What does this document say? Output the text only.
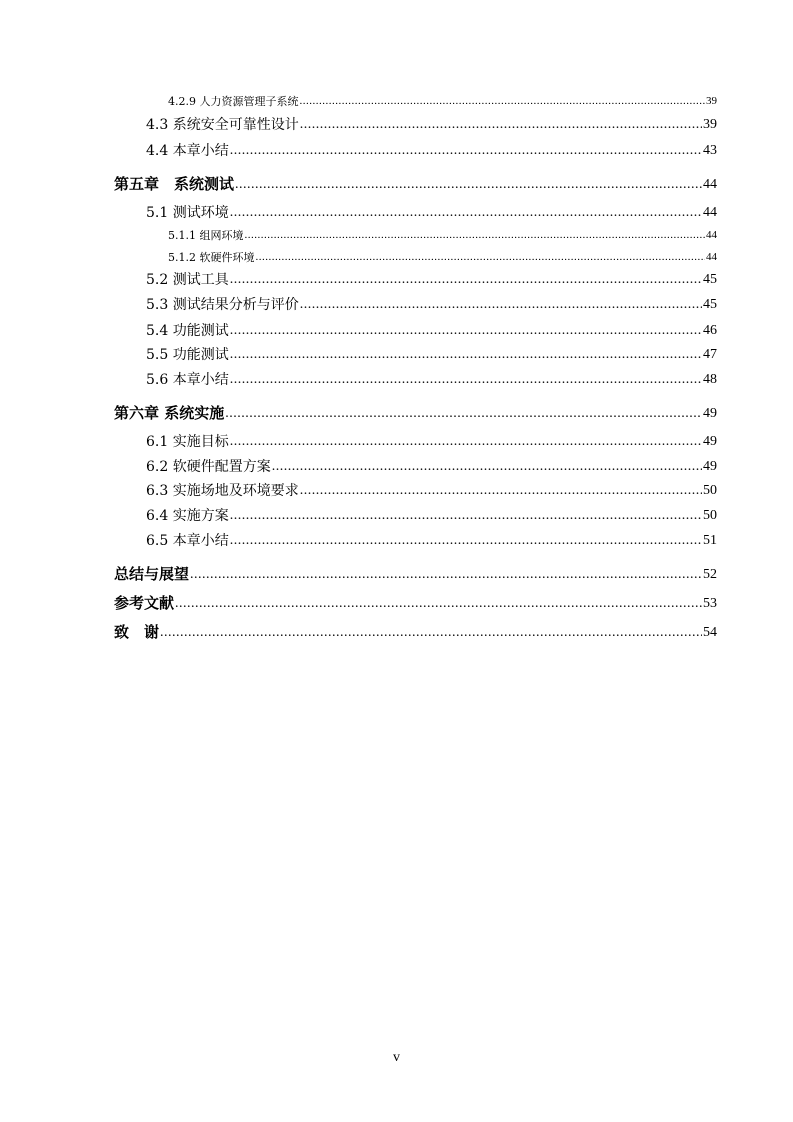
4.2.9 人力资源管理子系统 .....	39
4.3 系统安全可靠性设计 .....	39
4.4 本章小结 .....	43
第五章　系统测试 .....	44
5.1 测试环境 .....	44
5.1.1 组网环境 .....	44
5.1.2 软硬件环境 .....	44
5.2 测试工具 .....	45
5.3 测试结果分析与评价 .....	45
5.4 功能测试 .....	46
5.5 功能测试 .....	47
5.6 本章小结 .....	48
第六章 系统实施 .....	49
6.1 实施目标 .....	49
6.2 软硬件配置方案 .....	49
6.3 实施场地及环境要求 .....	50
6.4 实施方案 .....	50
6.5 本章小结 .....	51
总结与展望 .....	52
参考文献 .....	53
致　谢 .....	54
v
